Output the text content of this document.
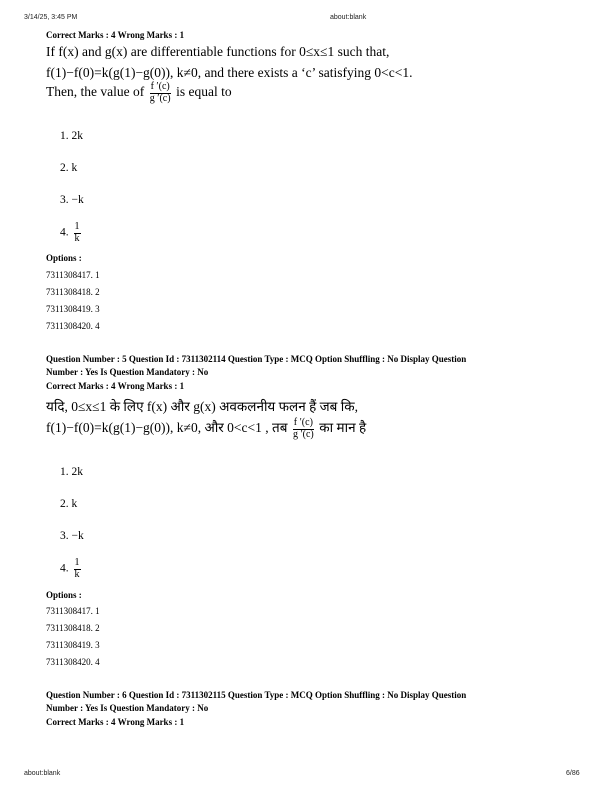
3/14/25, 3:45 PM	about:blank
Correct Marks : 4 Wrong Marks : 1
If f(x) and g(x) are differentiable functions for 0≤x≤1 such that,
f(1)−f(0)=k(g(1)−g(0)), k≠0, and there exists a ‘c’ satisfying 0<c<1.
Then, the value of $\frac{f '(c)}{g '(c)}$ is equal to
1. 2k
2. k
3. −k
4. $\frac{1}{k}$
Options :
7311308417. 1
7311308418. 2
7311308419. 3
7311308420. 4
Question Number : 5 Question Id : 7311302114 Question Type : MCQ Option Shuffling : No Display Question
Number : Yes Is Question Mandatory : No
Correct Marks : 4 Wrong Marks : 1
यदि, 0≤x≤1 के लिए f(x) और g(x) अवकलनीय फलन हैं जब कि,
f(1)−f(0)=k(g(1)−g(0)), k≠0, और 0<c<1 , तब $\frac{f '(c)}{g '(c)}$ का मान है
1. 2k
2. k
3. −k
4. $\frac{1}{k}$
Options :
7311308417. 1
7311308418. 2
7311308419. 3
7311308420. 4
Question Number : 6 Question Id : 7311302115 Question Type : MCQ Option Shuffling : No Display Question
Number : Yes Is Question Mandatory : No
Correct Marks : 4 Wrong Marks : 1
about:blank	6/86
